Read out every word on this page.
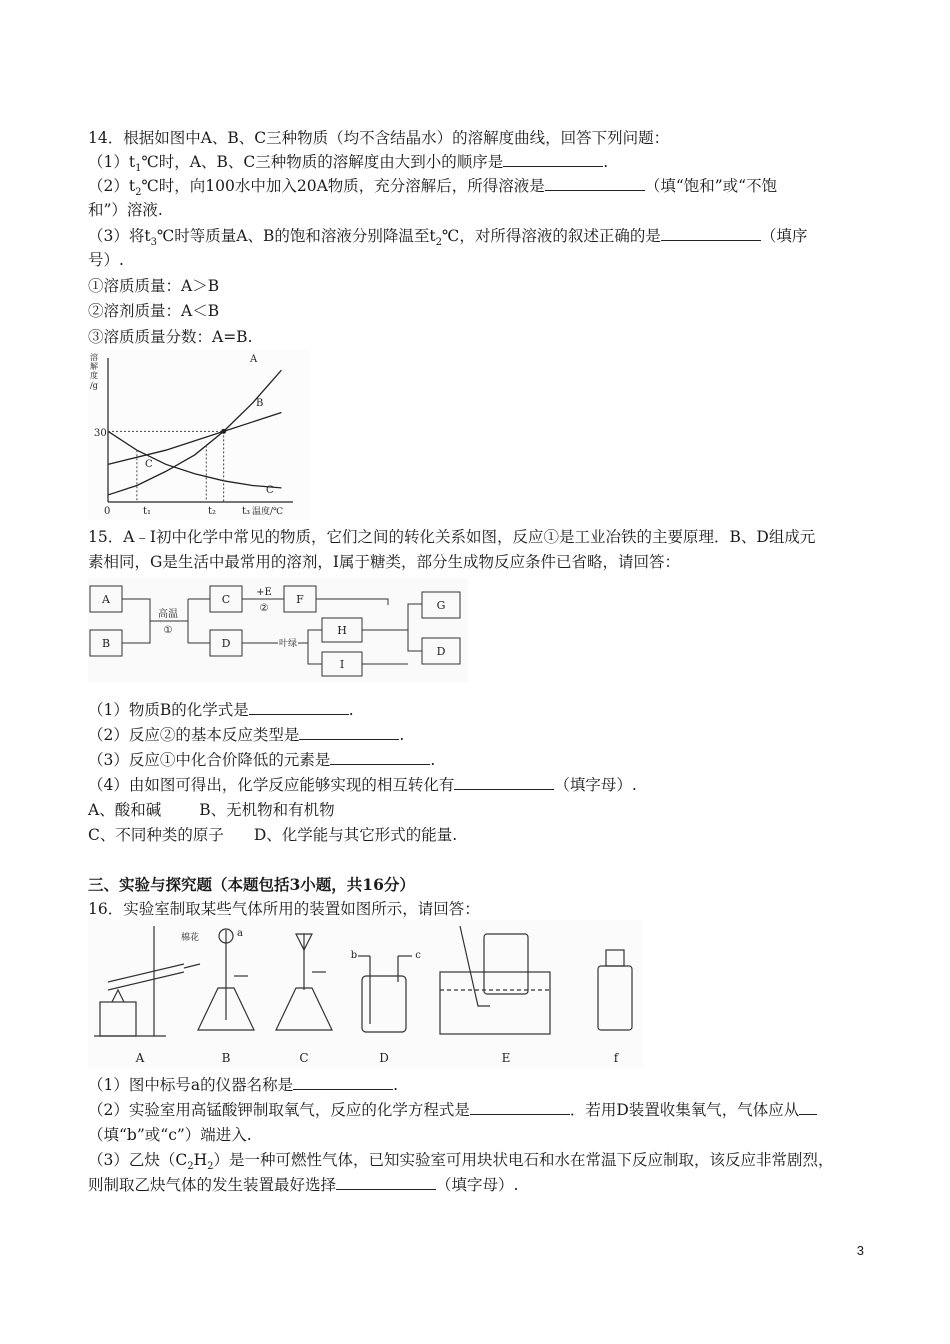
14．根据如图中A、B、C三种物质（均不含结晶水）的溶解度曲线，回答下列问题：
$(1)t_1℃$时，A、B、C三种物质的溶解度由大到小的顺序是	.
$(2)t_2℃$时，向100水中加入20A物质，充分溶解后，所得溶液是	（填“饱和”或“不饱
和”）溶液.
（3）将$t_3℃$时等质量A、B的饱和溶液分别降温至$t_2℃$，对所得溶液的叙述正确的是	（填序
号）.
①溶质质量：A＞B
②溶剂质量：A＜B
③溶质质量分数：A=B.
30
0	t₁	t₂	t₃ 温度/℃
溶
解
度
/g
A
B
C
C
15．A﹣I初中化学中常见的物质，它们之间的转化关系如图，反应①是工业冶铁的主要原理．B、D组成元
素相同，G是生活中最常用的溶剂，I属于糖类，部分生成物反应条件已省略，请回答：
A
B
C
D
F
H
I
G
D
高温
①
+E
②
叶绿
（1）物质B的化学式是	.
（2）反应②的基本反应类型是	.
（3）反应①中化合价降低的元素是	.
（4）由如图可得出，化学反应能够实现的相互转化有	（填字母）.
A、酸和碱 B、无机物和有机物
C、不同种类的原子 D、化学能与其它形式的能量.
三、实验与探究题（本题包括3小题，共16分）
16．实验室制取某些气体所用的装置如图所示，请回答：
A	B	C	D	E	f
棉花	a
b	c
（1）图中标号a的仪器名称是	.
（2）实验室用高锰酸钾制取氧气，反应的化学方程式是	．若用D装置收集氧气，气体应从
（填“b”或“c”）端进入.
（3）乙炔$(C_2H_2)$是一种可燃性气体，已知实验室可用块状电石和水在常温下反应制取，该反应非常剧烈，
则制取乙炔气体的发生装置最好选择	（填字母）.
3
